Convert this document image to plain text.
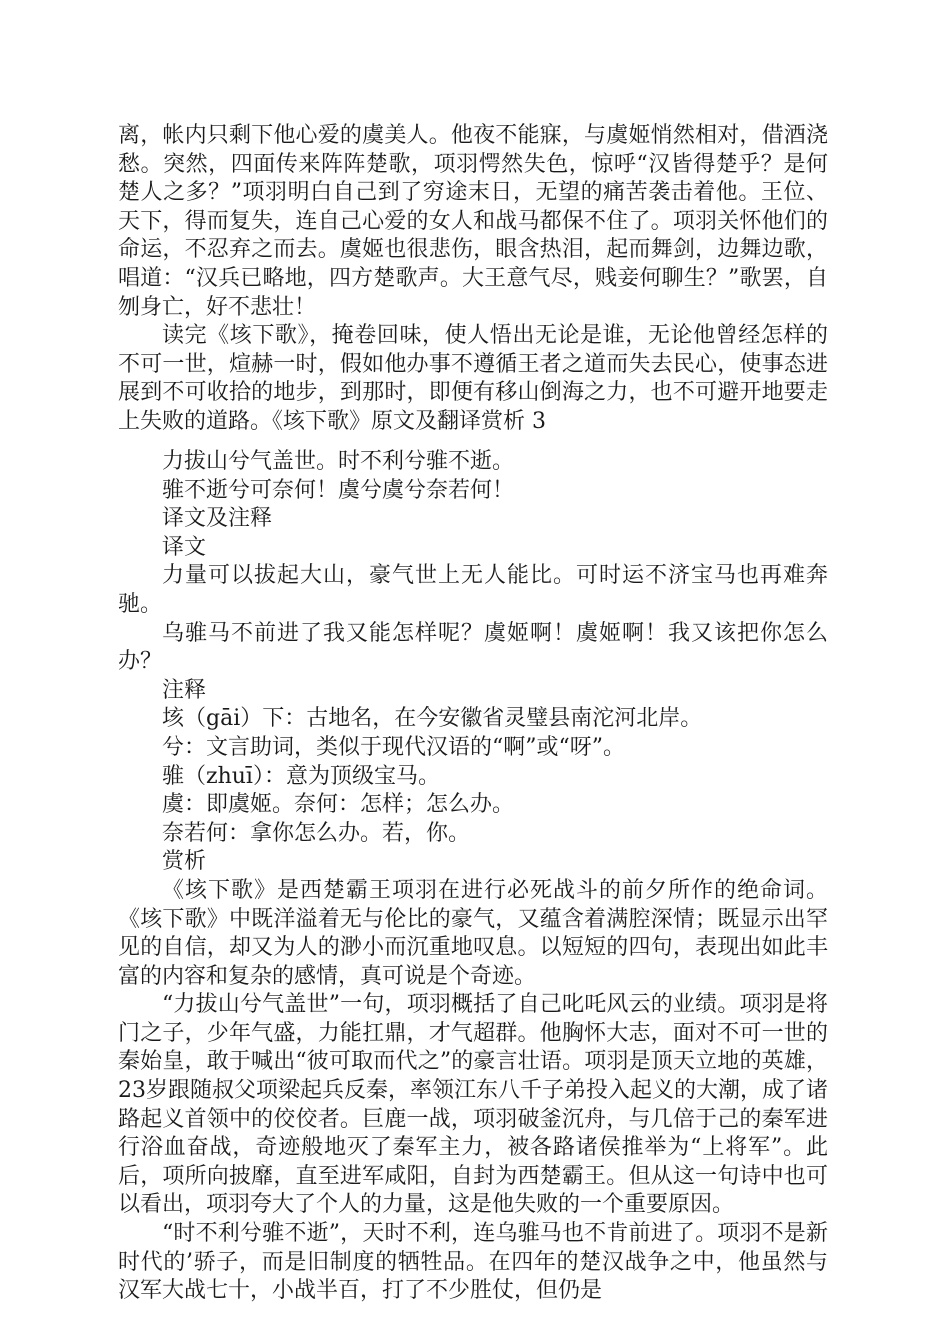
离，帐内只剩下他心爱的虞美人。他夜不能寐，与虞姬悄然相对，借酒浇愁。突然，四面传来阵阵楚歌，项羽愕然失色，惊呼“汉皆得楚乎？是何楚人之多？”项羽明白自己到了穷途末日，无望的痛苦袭击着他。王位、天下，得而复失，连自己心爱的女人和战马都保不住了。项羽关怀他们的命运，不忍弃之而去。虞姬也很悲伤，眼含热泪，起而舞剑，边舞边歌，唱道：“汉兵已略地，四方楚歌声。大王意气尽，贱妾何聊生？”歌罢，自刎身亡，好不悲壮！

读完《垓下歌》，掩卷回味，使人悟出无论是谁，无论他曾经怎样的不可一世，煊赫一时，假如他办事不遵循王者之道而失去民心，使事态进展到不可收拾的地步，到那时，即便有移山倒海之力，也不可避开地要走上失败的道路。《垓下歌》原文及翻译赏析 3

力拔山兮气盖世。时不利兮骓不逝。

骓不逝兮可奈何！虞兮虞兮奈若何！

译文及注释

译文

力量可以拔起大山，豪气世上无人能比。可时运不济宝马也再难奔驰。

乌骓马不前进了我又能怎样呢？虞姬啊！虞姬啊！我又该把你怎么办？

注释

垓（gāi）下：古地名，在今安徽省灵璧县南沱河北岸。

兮：文言助词，类似于现代汉语的“啊”或“呀”。

骓（zhuī）：意为顶级宝马。

虞：即虞姬。奈何：怎样；怎么办。

奈若何：拿你怎么办。若，你。

赏析

《垓下歌》是西楚霸王项羽在进行必死战斗的前夕所作的绝命词。《垓下歌》中既洋溢着无与伦比的豪气，又蕴含着满腔深情；既显示出罕见的自信，却又为人的渺小而沉重地叹息。以短短的四句，表现出如此丰富的内容和复杂的感情，真可说是个奇迹。

“力拔山兮气盖世”一句，项羽概括了自己叱吒风云的业绩。项羽是将门之子，少年气盛，力能扛鼎，才气超群。他胸怀大志，面对不可一世的秦始皇，敢于喊出“彼可取而代之”的豪言壮语。项羽是顶天立地的英雄，23岁跟随叔父项梁起兵反秦，率领江东八千子弟投入起义的大潮，成了诸路起义首领中的佼佼者。巨鹿一战，项羽破釜沉舟，与几倍于己的秦军进行浴血奋战，奇迹般地灭了秦军主力，被各路诸侯推举为“上将军”。此后，项所向披靡，直至进军咸阳，自封为西楚霸王。但从这一句诗中也可以看出，项羽夸大了个人的力量，这是他失败的一个重要原因。

“时不利兮骓不逝”，天时不利，连乌骓马也不肯前进了。项羽不是新时代的’骄子，而是旧制度的牺牲品。在四年的楚汉战争之中，他虽然与汉军大战七十，小战半百，打了不少胜仗，但仍是
